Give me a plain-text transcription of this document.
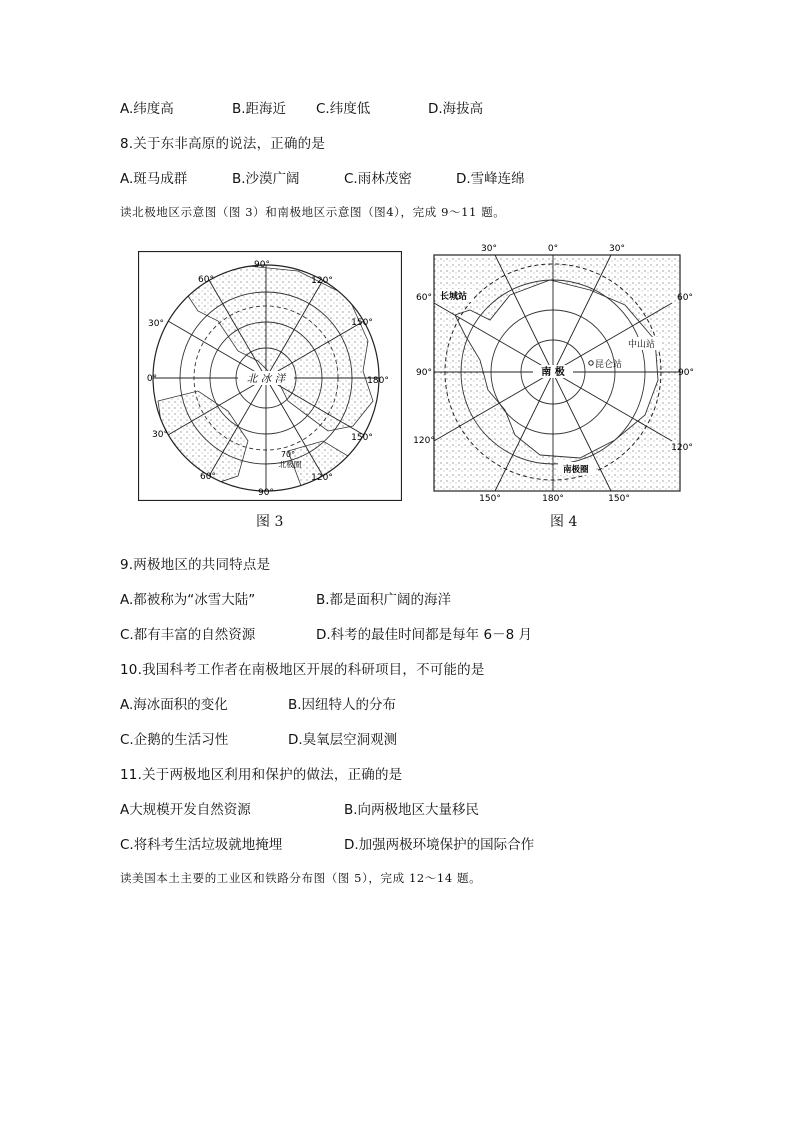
A.纬度高	B.距海近 C.纬度低	D.海拔高
8.关于东非高原的说法，正确的是
A.斑马成群	B.沙漠广阔	C.雨林茂密	D.雪峰连绵
读北极地区示意图（图 3）和南极地区示意图（图4），完成 9～11 题。
北 冰 洋
90°
60°
30°
0°
30°
60°
90°
120°
150°
180°
150°
120°
70°
北极圈
图 3
南 极
昆仑站
中山站
长城站
南极圈
30°	0°	30°
60°	60°
90°	90°
120°
120°
150°	180°	150°
图 4
9.两极地区的共同特点是
A.都被称为“冰雪大陆”	B.都是面积广阔的海洋
C.都有丰富的自然资源	D.科考的最佳时间都是每年 6－8 月
10.我国科考工作者在南极地区开展的科研项目，不可能的是
A.海冰面积的变化	B.因纽特人的分布
C.企鹅的生活习性	D.臭氧层空洞观测
11.关于两极地区利用和保护的做法，正确的是
A大规模开发自然资源	B.向两极地区大量移民
C.将科考生活垃圾就地掩埋	D.加强两极环境保护的国际合作
读美国本土主要的工业区和铁路分布图（图 5），完成 12～14 题。
